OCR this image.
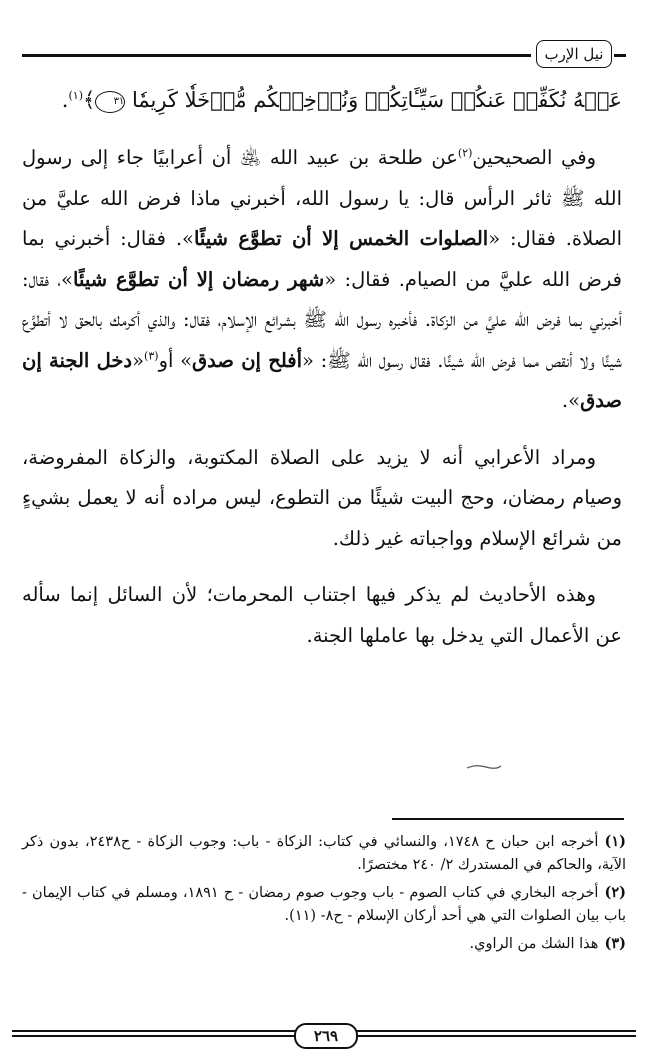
نيل الإرب

عَنۡهُ نُكَفِّرۡ عَنكُمۡ سَيِّـَٔاتِكُمۡ وَنُدۡخِلۡكُم مُّدۡخَلٗا كَرِيمٗا ٣١﴾$^{(١)}$.

وفي الصحيحين$^{(٢)}$عن طلحة بن عبيد الله ﵁ أن أعرابيًا جاء إلى رسول الله ﷺ ثائر الرأس قال: يا رسول الله، أخبرني ماذا فرض الله عليَّ من الصلاة. فقال: «الصلوات الخمس إلا أن تطوَّع شيئًا». فقال: أخبرني بما فرض الله عليَّ من الصيام. فقال: «شهر رمضان إلا أن تطوَّع شيئًا»، فقال: أخبرني بما فرض الله عليَّ من الزكاة. فأخبره رسول الله ﷺ بشرائع الإسلام، فقال: والذي أكرمك بالحق لا أتطوَّع شيئًا ولا أنقص مما فرض الله شيئًا. فقال رسول الله ﷺ: «أفلح إن صدق» أو$^{(٣)}$«دخل الجنة إن صدق».

ومراد الأعرابي أنه لا يزيد على الصلاة المكتوبة، والزكاة المفروضة، وصيام رمضان، وحج البيت شيئًا من التطوع، ليس مراده أنه لا يعمل بشيءٍ من شرائع الإسلام وواجباته غير ذلك.

وهذه الأحاديث لم يذكر فيها اجتناب المحرمات؛ لأن السائل إنما سأله عن الأعمال التي يدخل بها عاملها الجنة.

(١)أخرجه ابن حبان ح ١٧٤٨، والنسائي في كتاب: الزكاة - باب: وجوب الزكاة - ح٢٤٣٨، بدون ذكر الآية، والحاكم في المستدرك ٢/ ٢٤٠ مختصرًا.

(٢)أخرجه البخاري في كتاب الصوم - باب وجوب صوم رمضان - ح ١٨٩١، ومسلم في كتاب الإيمان - باب بيان الصلوات التي هي أحد أركان الإسلام - ح٨- (١١).

(٣)هذا الشك من الراوي.

٢٦٩
